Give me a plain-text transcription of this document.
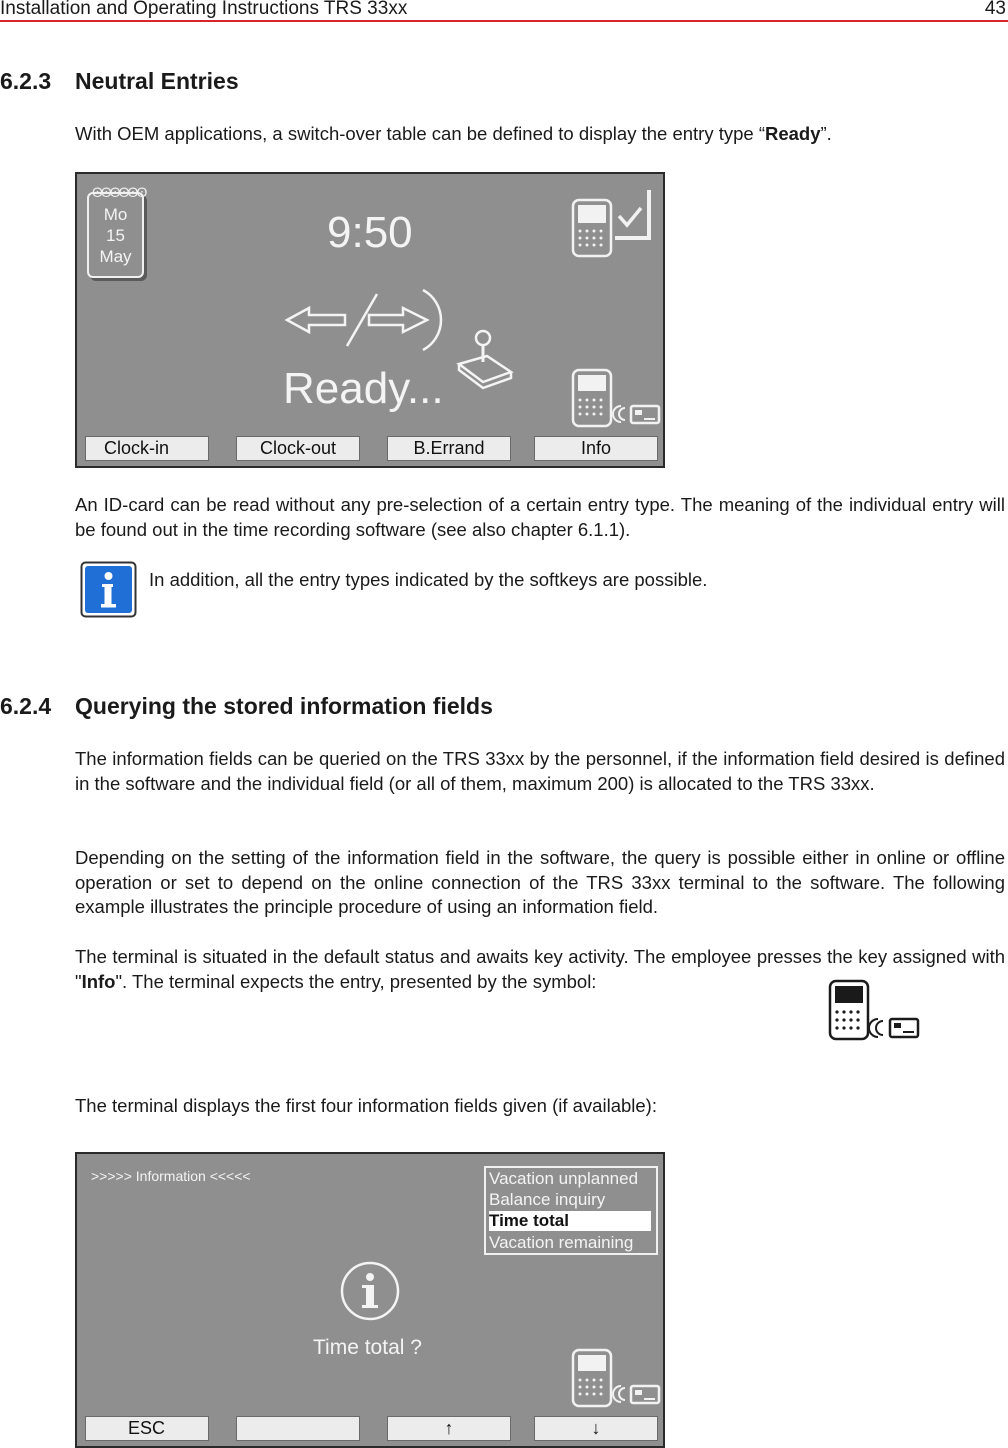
Installation and Operating Instructions TRS 33xx	43
6.2.3 Neutral Entries
With OEM applications, a switch-over table can be defined to display the entry type “Ready”.
ʘʘʘʘʘʘ
Mo
15
May	9:50
Ready...
Clock-in	Clock-out	B.Errand	Info
An ID-card can be read without any pre-selection of a certain entry type. The meaning of the individual entry will be found out in the time recording software (see also chapter 6.1.1).
In addition, all the entry types indicated by the softkeys are possible.
6.2.4 Querying the stored information fields
The information fields can be queried on the TRS 33xx by the personnel, if the information field desired is defined in the software and the individual field (or all of them, maximum 200) is allocated to the TRS 33xx.
Depending on the setting of the information field in the software, the query is possible either in online or offline operation or set to depend on the online connection of the TRS 33xx terminal to the software. The following example illustrates the principle procedure of using an information field.
The terminal is situated in the default status and awaits key activity. The employee presses the key assigned with "Info". The terminal expects the entry, presented by the symbol:
The terminal displays the first four information fields given (if available):
>>>>> Information <<<<<	Vacation unplanned
Balance inquiry
Time total
Vacation remaining
Time total ?
ESC	↑	↓
